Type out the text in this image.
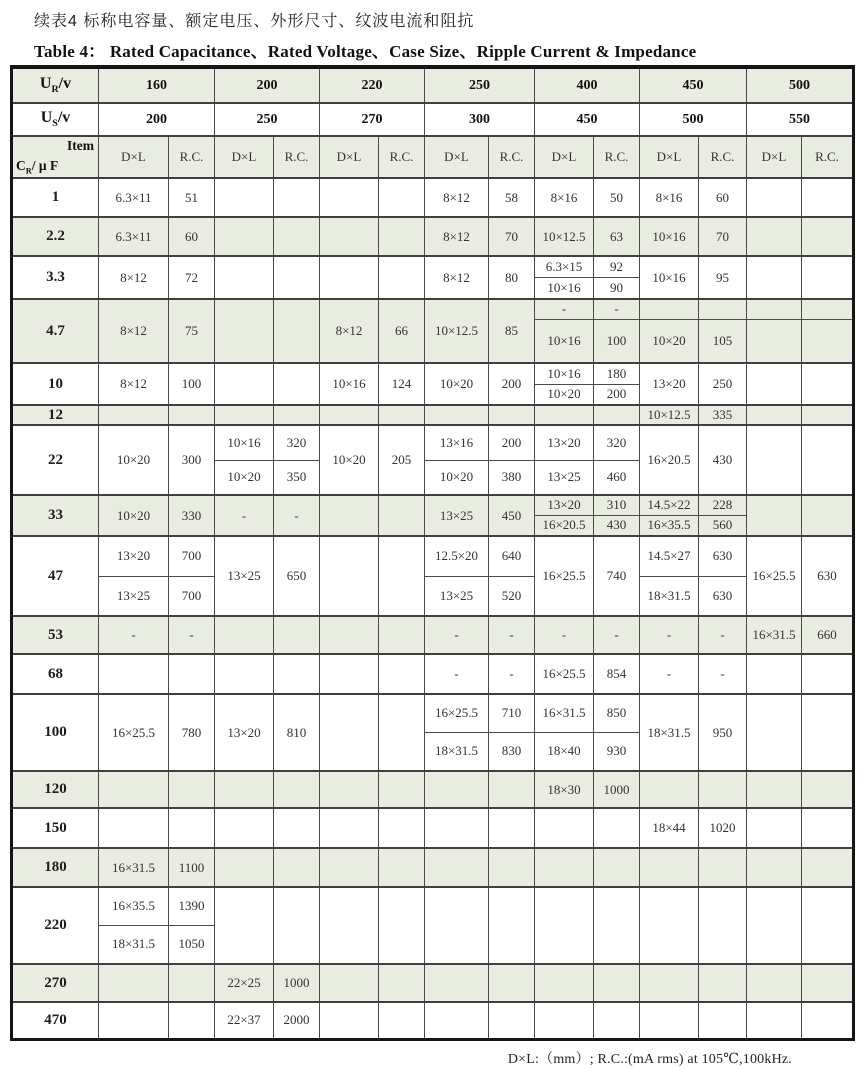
续表4 标称电容量、额定电压、外形尺寸、纹波电流和阻抗
Table 4： Rated Capacitance、Rated Voltage、Case Size、Ripple Current & Impedance
$U_R/v$	160		200		220		250		400		450		500	
$U_S/v$	200		250		270		300		450		500		550	

Item
$C_R/$ μ F	D×L	R.C.	D×L	R.C.	D×L	R.C.	D×L	R.C.	D×L	R.C.	D×L	R.C.	D×L	R.C.
1	6.3×11	51					8×12	58	8×16	50	8×16	60		
2.2	6.3×11	60					8×12	70	10×12.5	63	10×16	70		
3.3	8×12	72					8×12	80	6.3×15	92	10×16	95		
									10×16	90				
4.7	8×12	75			8×12	66	10×12.5	85	-	-				
									10×16	100	10×20	105		
10	8×12	100			10×16	124	10×20	200	10×16	180	13×20	250		
									10×20	200				
12											10×12.5	335		
22	10×20	300	10×16	320	10×20	205	13×16	200	13×20	320	16×20.5	430		
			10×20	350			10×20	380	13×25	460				
33	10×20	330	-	-			13×25	450	13×20	310	14.5×22	228		
									16×20.5	430	16×35.5	560		
47	13×20	700	13×25	650			12.5×20	640	16×25.5	740	14.5×27	630	16×25.5	630
	13×25	700					13×25	520			18×31.5	630		
53	-	-					-	-	-	-	-	-	16×31.5	660
68							-	-	16×25.5	854	-	-		
100	16×25.5	780	13×20	810			16×25.5	710	16×31.5	850	18×31.5	950		
							18×31.5	830	18×40	930				
120									18×30	1000				
150											18×44	1020		
180	16×31.5	1100												
220	16×35.5	1390												
	18×31.5	1050												
270			22×25	1000										
470			22×37	2000										
D×L:（mm）; R.C.:(mA rms) at 105℃,100kHz.
